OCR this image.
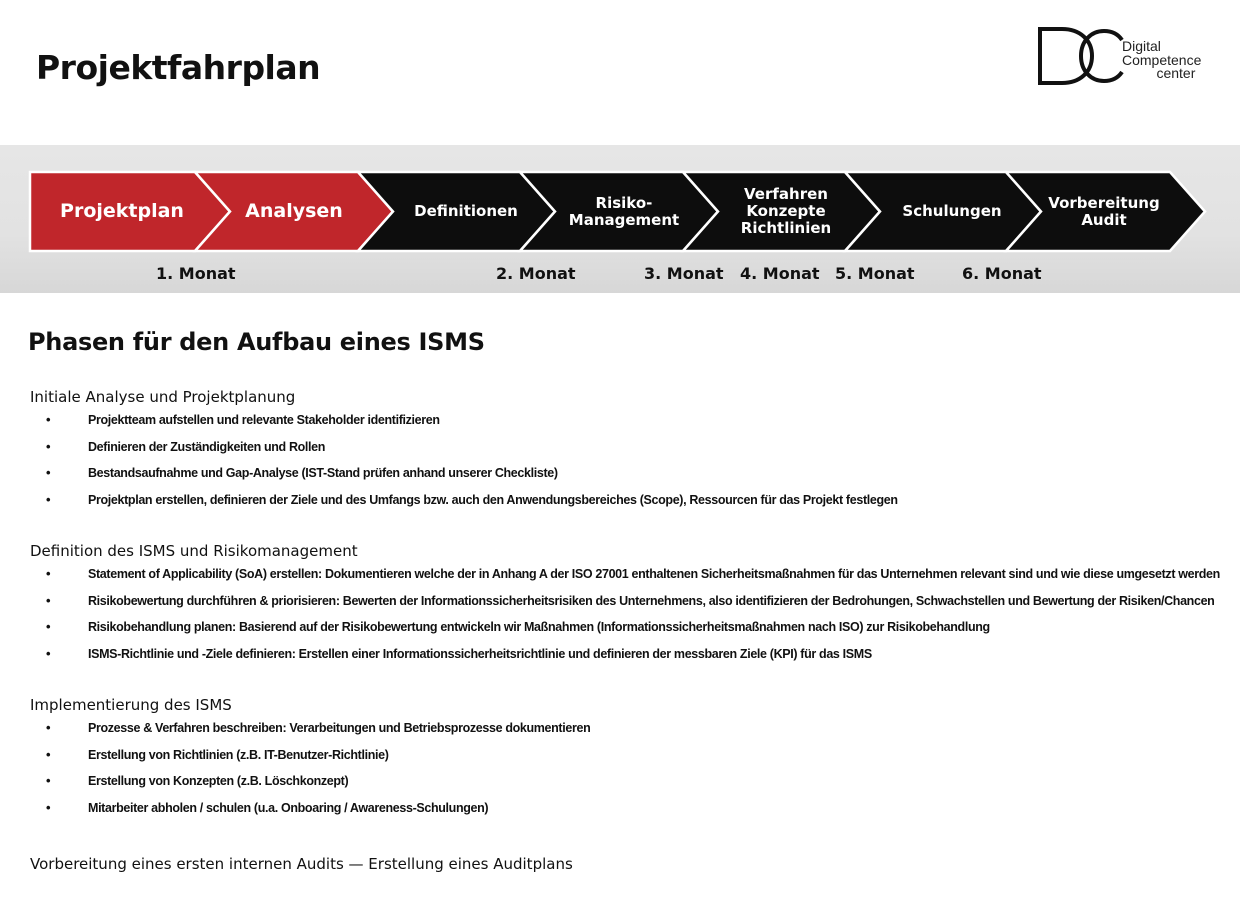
Projektfahrplan
Digital
Competence
center
Projektplan	Analysen	Definitionen	Risiko-
Management
Verfahren
Konzepte
Richtlinien
Schulungen	Vorbereitung
Audit
1. Monat	2. Monat	3. Monat 4. Monat 5. Monat	6. Monat
Phasen für den Aufbau eines ISMS
Initiale Analyse und Projektplanung
• Projektteam aufstellen und relevante Stakeholder identifizieren
• Definieren der Zuständigkeiten und Rollen
• Bestandsaufnahme und Gap-Analyse (IST-Stand prüfen anhand unserer Checkliste)
• Projektplan erstellen, definieren der Ziele und des Umfangs bzw. auch den Anwendungsbereiches (Scope), Ressourcen für das Projekt festlegen
Definition des ISMS und Risikomanagement
• Statement of Applicability (SoA) erstellen: Dokumentieren welche der in Anhang A der ISO 27001 enthaltenen Sicherheitsmaßnahmen für das Unternehmen relevant sind und wie diese umgesetzt werden
• Risikobewertung durchführen & priorisieren: Bewerten der Informationssicherheitsrisiken des Unternehmens, also identifizieren der Bedrohungen, Schwachstellen und Bewertung der Risiken/Chancen
• Risikobehandlung planen: Basierend auf der Risikobewertung entwickeln wir Maßnahmen (Informationssicherheitsmaßnahmen nach ISO) zur Risikobehandlung
• ISMS-Richtlinie und -Ziele definieren: Erstellen einer Informationssicherheitsrichtlinie und definieren der messbaren Ziele (KPI) für das ISMS
Implementierung des ISMS
• Prozesse & Verfahren beschreiben: Verarbeitungen und Betriebsprozesse dokumentieren
• Erstellung von Richtlinien (z.B. IT-Benutzer-Richtlinie)
• Erstellung von Konzepten (z.B. Löschkonzept)
• Mitarbeiter abholen / schulen (u.a. Onboaring / Awareness-Schulungen)
Vorbereitung eines ersten internen Audits — Erstellung eines Auditplans
